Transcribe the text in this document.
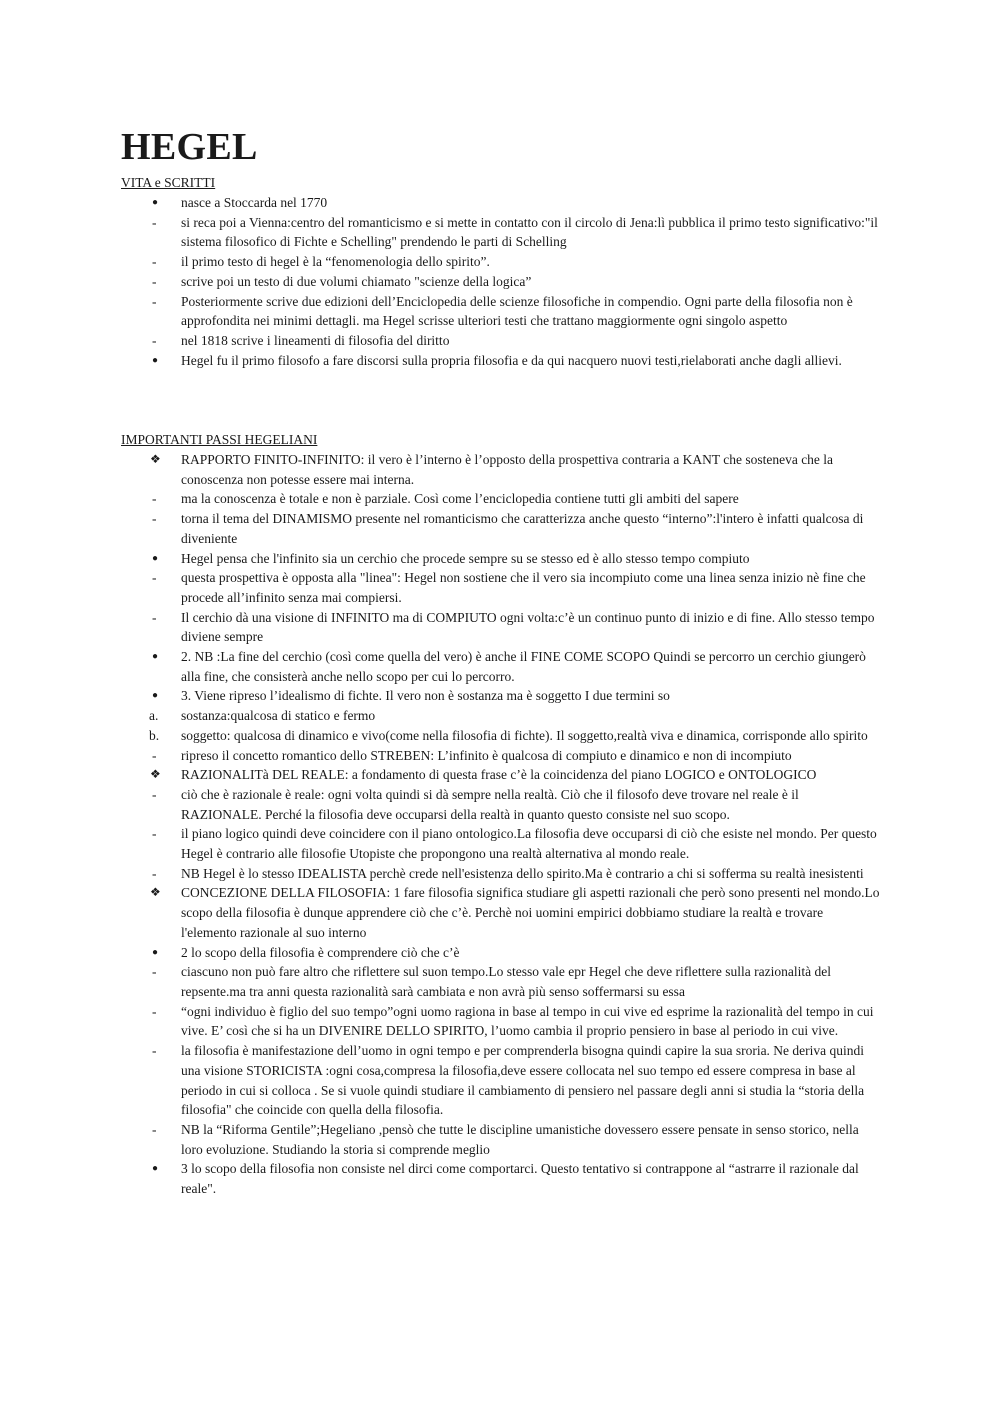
HEGEL
VITA e SCRITTI
●	nasce a Stoccarda nel 1770
-	si reca poi a Vienna:centro del romanticismo e si mette in contatto con il circolo di Jena:lì pubblica il primo testo significativo:"il sistema filosofico di Fichte e Schelling" prendendo le parti di Schelling
-	il primo testo di hegel è la “fenomenologia dello spirito”.
-	scrive poi un testo di due volumi chiamato "scienze della logica”
-	Posteriormente scrive due edizioni dell’Enciclopedia delle scienze filosofiche in compendio. Ogni parte della filosofia non è approfondita nei minimi dettagli. ma Hegel scrisse ulteriori testi che trattano maggiormente ogni singolo aspetto
-	nel 1818 scrive i lineamenti di filosofia del diritto
●	Hegel fu il primo filosofo a fare discorsi sulla propria filosofia e da qui nacquero nuovi testi,rielaborati anche dagli allievi.
IMPORTANTI PASSI HEGELIANI
❖	RAPPORTO FINITO-INFINITO: il vero è l’interno è l’opposto della prospettiva contraria a KANT che sosteneva che la conoscenza non potesse essere mai interna.
-	ma la conoscenza è totale e non è parziale. Così come l’enciclopedia contiene tutti gli ambiti del sapere
-	torna il tema del DINAMISMO presente nel romanticismo che caratterizza anche questo “interno”:l'intero è infatti qualcosa di diveniente
●	Hegel pensa che l'infinito sia un cerchio che procede sempre su se stesso ed è allo stesso tempo compiuto
-	questa prospettiva è opposta alla "linea": Hegel non sostiene che il vero sia incompiuto come una linea senza inizio nè fine che procede all’infinito senza mai compiersi.
-	Il cerchio dà una visione di INFINITO ma di COMPIUTO ogni volta:c’è un continuo punto di inizio e di fine. Allo stesso tempo diviene sempre
●	2. NB :La fine del cerchio (così come quella del vero) è anche il FINE COME SCOPO Quindi se percorro un cerchio giungerò alla fine, che consisterà anche nello scopo per cui lo percorro.
●	3. Viene ripreso l’idealismo di fichte. Il vero non è sostanza ma è soggetto I due termini so
a.	sostanza:qualcosa di statico e fermo
b.	soggetto: qualcosa di dinamico e vivo(come nella filosofia di fichte). Il soggetto,realtà viva e dinamica, corrisponde allo spirito
-	ripreso il concetto romantico dello STREBEN: L’infinito è qualcosa di compiuto e dinamico e non di incompiuto
❖	RAZIONALITà DEL REALE: a fondamento di questa frase c’è la coincidenza del piano LOGICO e ONTOLOGICO
-	ciò che è razionale è reale: ogni volta quindi si dà sempre nella realtà. Ciò che il filosofo deve trovare nel reale è il RAZIONALE. Perché la filosofia deve occuparsi della realtà in quanto questo consiste nel suo scopo.
-	il piano logico quindi deve coincidere con il piano ontologico.La filosofia deve occuparsi di ciò che esiste nel mondo. Per questo Hegel è contrario alle filosofie Utopiste che propongono una realtà alternativa al mondo reale.
-	NB Hegel è lo stesso IDEALISTA perchè crede nell'esistenza dello spirito.Ma è contrario a chi si sofferma su realtà inesistenti
❖	CONCEZIONE DELLA FILOSOFIA: 1 fare filosofia significa studiare gli aspetti razionali che però sono presenti nel mondo.Lo scopo della filosofia è dunque apprendere ciò che c’è. Perchè noi uomini empirici dobbiamo studiare la realtà e trovare l'elemento razionale al suo interno
●	2 lo scopo della filosofia è comprendere ciò che c’è
-	ciascuno non può fare altro che riflettere sul suon tempo.Lo stesso vale epr Hegel che deve riflettere sulla razionalità del repsente.ma tra anni questa razionalità sarà cambiata e non avrà più senso soffermarsi su essa
-	“ogni individuo è figlio del suo tempo”ogni uomo ragiona in base al tempo in cui vive ed esprime la razionalità del tempo in cui vive. E’ così che si ha un DIVENIRE DELLO SPIRITO, l’uomo cambia il proprio pensiero in base al periodo in cui vive.
-	la filosofia è manifestazione dell’uomo in ogni tempo e per comprenderla bisogna quindi capire la sua sroria. Ne deriva quindi una visione STORICISTA :ogni cosa,compresa la filosofia,deve essere collocata nel suo tempo ed essere compresa in base al periodo in cui si colloca . Se si vuole quindi studiare il cambiamento di pensiero nel passare degli anni si studia la “storia della filosofia" che coincide con quella della filosofia.
-	NB la “Riforma Gentile”;Hegeliano ,pensò che tutte le discipline umanistiche dovessero essere pensate in senso storico, nella loro evoluzione. Studiando la storia si comprende meglio
●	3 lo scopo della filosofia non consiste nel dirci come comportarci. Questo tentativo si contrappone al “astrarre il razionale dal reale".
